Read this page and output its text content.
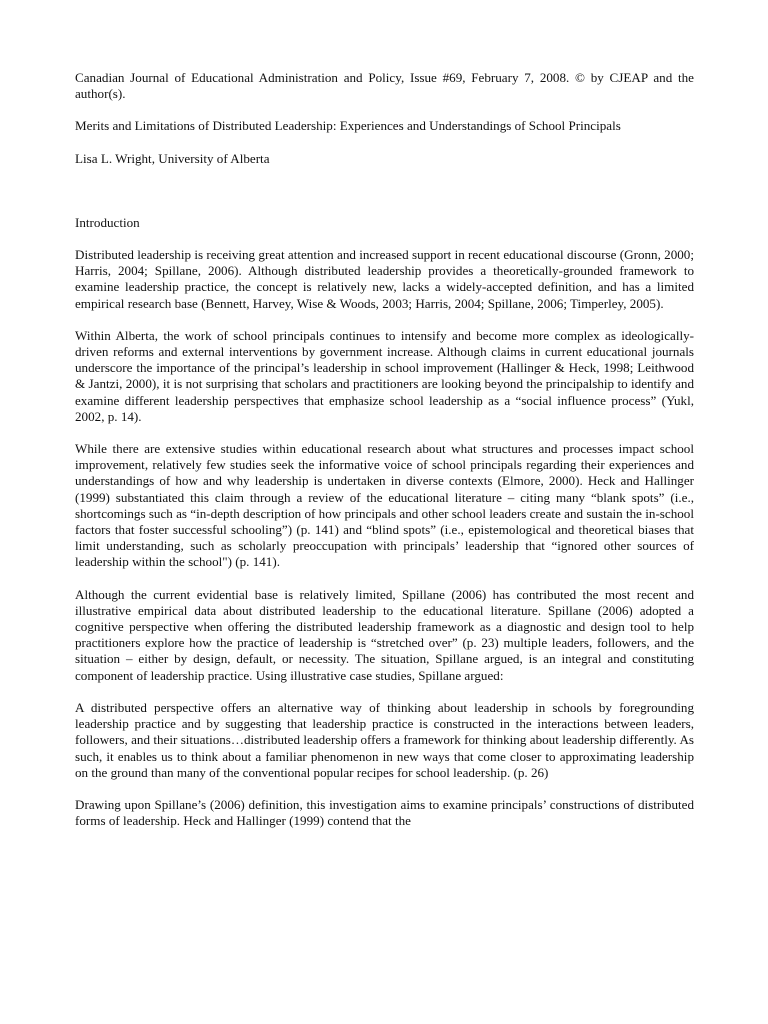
Canadian Journal of Educational Administration and Policy, Issue #69, February 7, 2008. © by CJEAP and the author(s).

Merits and Limitations of Distributed Leadership: Experiences and Understandings of School Principals

Lisa L. Wright, University of Alberta

Introduction

Distributed leadership is receiving great attention and increased support in recent educational discourse (Gronn, 2000; Harris, 2004; Spillane, 2006). Although distributed leadership provides a theoretically-grounded framework to examine leadership practice, the concept is relatively new, lacks a widely-accepted definition, and has a limited empirical research base (Bennett, Harvey, Wise & Woods, 2003; Harris, 2004; Spillane, 2006; Timperley, 2005).

Within Alberta, the work of school principals continues to intensify and become more complex as ideologically-driven reforms and external interventions by government increase. Although claims in current educational journals underscore the importance of the principal’s leadership in school improvement (Hallinger & Heck, 1998; Leithwood & Jantzi, 2000), it is not surprising that scholars and practitioners are looking beyond the principalship to identify and examine different leadership perspectives that emphasize school leadership as a “social influence process” (Yukl, 2002, p. 14).

While there are extensive studies within educational research about what structures and processes impact school improvement, relatively few studies seek the informative voice of school principals regarding their experiences and understandings of how and why leadership is undertaken in diverse contexts (Elmore, 2000). Heck and Hallinger (1999) substantiated this claim through a review of the educational literature – citing many “blank spots” (i.e., shortcomings such as “in-depth description of how principals and other school leaders create and sustain the in-school factors that foster successful schooling”) (p. 141) and “blind spots” (i.e., epistemological and theoretical biases that limit understanding, such as scholarly preoccupation with principals’ leadership that “ignored other sources of leadership within the school") (p. 141).

Although the current evidential base is relatively limited, Spillane (2006) has contributed the most recent and illustrative empirical data about distributed leadership to the educational literature. Spillane (2006) adopted a cognitive perspective when offering the distributed leadership framework as a diagnostic and design tool to help practitioners explore how the practice of leadership is “stretched over” (p. 23) multiple leaders, followers, and the situation – either by design, default, or necessity. The situation, Spillane argued, is an integral and constituting component of leadership practice. Using illustrative case studies, Spillane argued:

A distributed perspective offers an alternative way of thinking about leadership in schools by foregrounding leadership practice and by suggesting that leadership practice is constructed in the interactions between leaders, followers, and their situations…distributed leadership offers a framework for thinking about leadership differently. As such, it enables us to think about a familiar phenomenon in new ways that come closer to approximating leadership on the ground than many of the conventional popular recipes for school leadership. (p. 26)

Drawing upon Spillane’s (2006) definition, this investigation aims to examine principals’ constructions of distributed forms of leadership. Heck and Hallinger (1999) contend that the
